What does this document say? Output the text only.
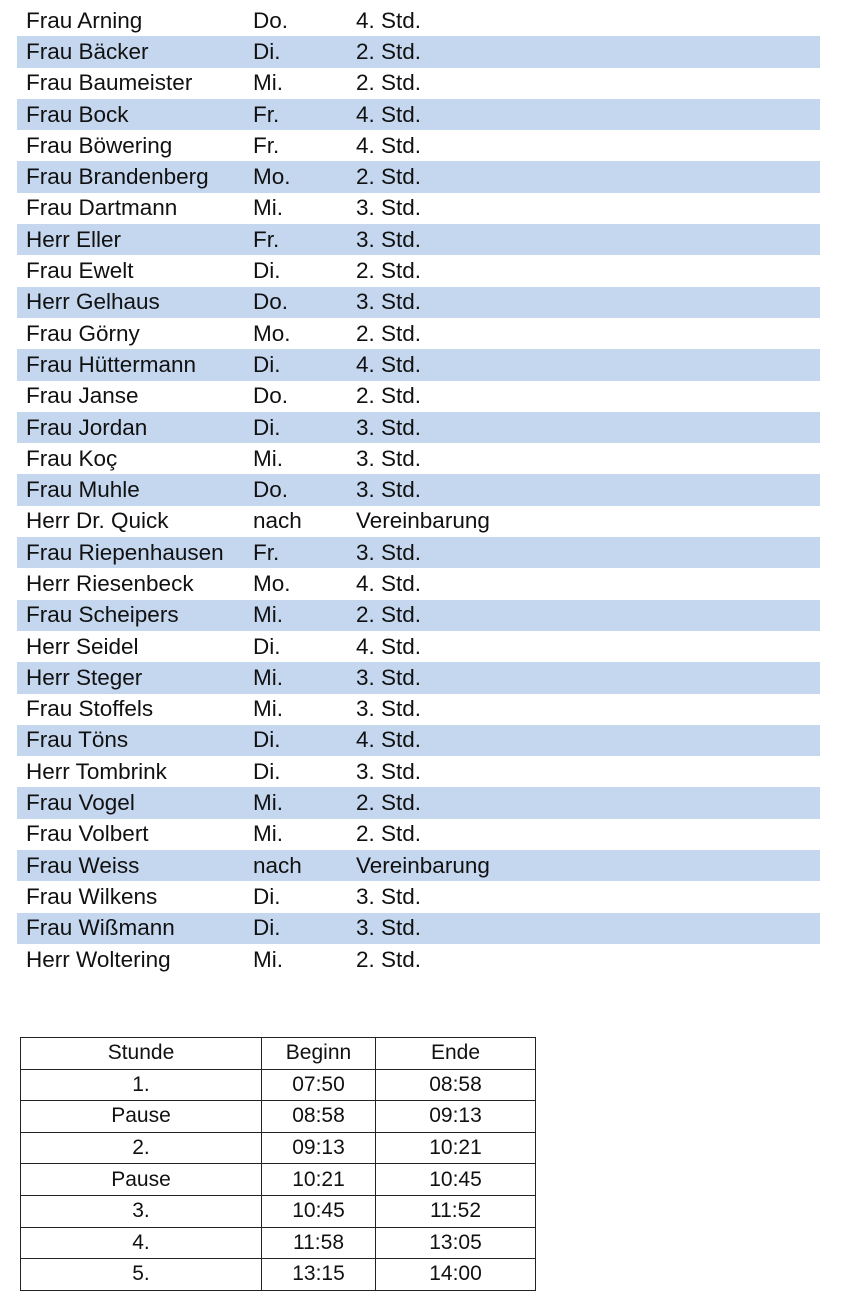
Frau Arning	Do.	4. Std.
Frau Bäcker	Di.	2. Std.
Frau Baumeister	Mi.	2. Std.
Frau Bock	Fr.	4. Std.
Frau Böwering	Fr.	4. Std.
Frau Brandenberg Mo.	2. Std.
Frau Dartmann	Mi.	3. Std.
Herr Eller	Fr.	3. Std.
Frau Ewelt	Di.	2. Std.
Herr Gelhaus	Do.	3. Std.
Frau Görny	Mo.	2. Std.
Frau Hüttermann	Di.	4. Std.
Frau Janse	Do.	2. Std.
Frau Jordan	Di.	3. Std.
Frau Koç	Mi.	3. Std.
Frau Muhle	Do.	3. Std.
Herr Dr. Quick	nach Vereinbarung
Frau Riepenhausen Fr.	3. Std.
Herr Riesenbeck	Mo.	4. Std.
Frau Scheipers	Mi.	2. Std.
Herr Seidel	Di.	4. Std.
Herr Steger	Mi.	3. Std.
Frau Stoffels	Mi.	3. Std.
Frau Töns	Di.	4. Std.
Herr Tombrink	Di.	3. Std.
Frau Vogel	Mi.	2. Std.
Frau Volbert	Mi.	2. Std.
Frau Weiss	nach Vereinbarung
Frau Wilkens	Di.	3. Std.
Frau Wißmann	Di.	3. Std.
Herr Woltering	Mi.	2. Std.
Stunde	Beginn	Ende
1.	07:50	08:58
Pause	08:58	09:13
2.	09:13	10:21
Pause	10:21	10:45
3.	10:45	11:52
4.	11:58	13:05
5.	13:15	14:00
